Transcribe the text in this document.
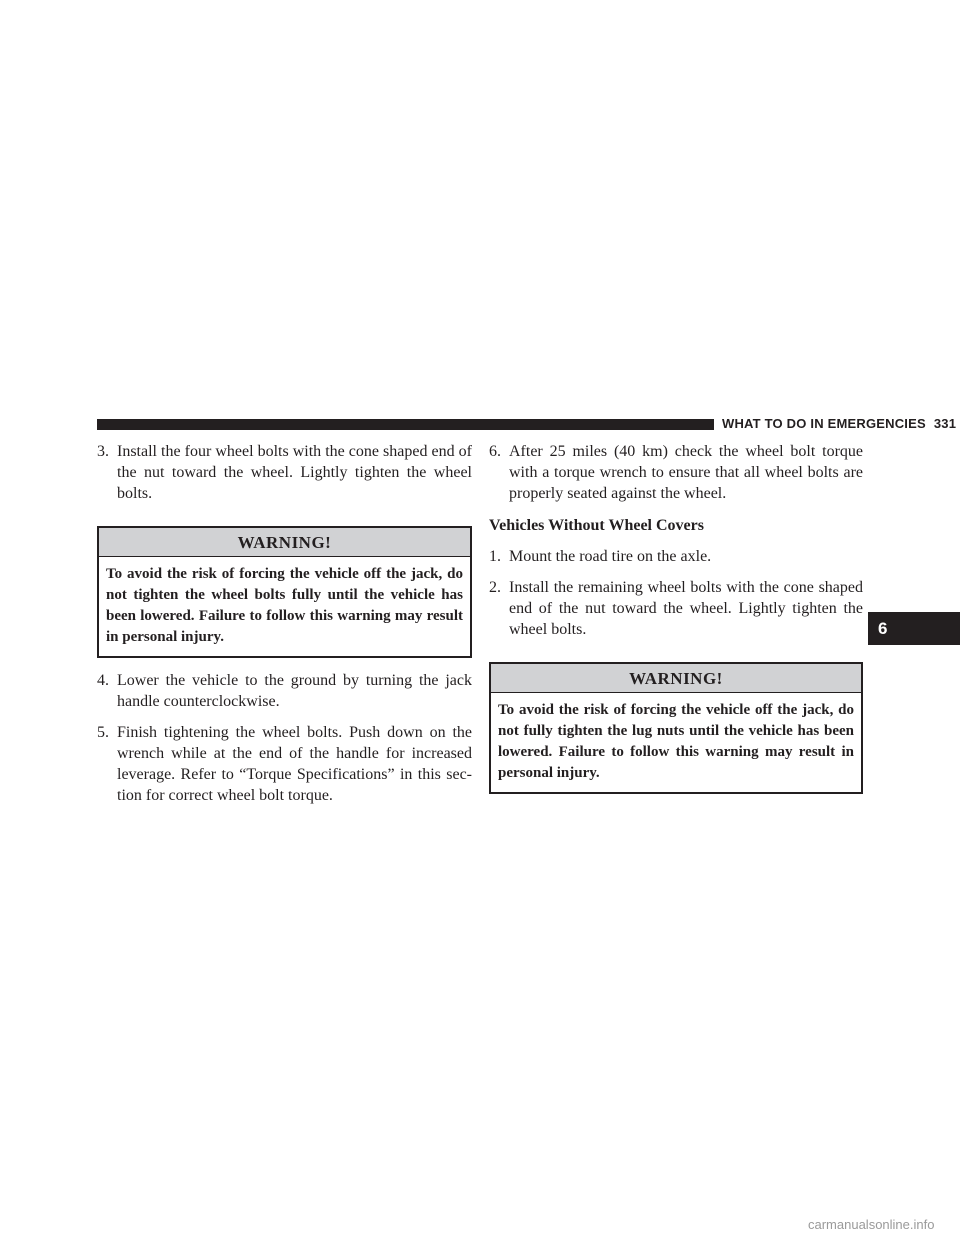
WHAT TO DO IN EMERGENCIES 331

3. Install the four wheel bolts with the cone shaped end of the nut toward the wheel. Lightly tighten the wheel bolts.

WARNING!
To avoid the risk of forcing the vehicle off the jack, do not tighten the wheel bolts fully until the vehicle has been lowered. Failure to follow this warning may result in personal injury.

4. Lower the vehicle to the ground by turning the jack handle counterclockwise.

5. Finish tightening the wheel bolts. Push down on the wrench while at the end of the handle for increased leverage. Refer to “Torque Specifications” in this sec- tion for correct wheel bolt torque.

6. After 25 miles (40 km) check the wheel bolt torque with a torque wrench to ensure that all wheel bolts are properly seated against the wheel.

Vehicles Without Wheel Covers

1. Mount the road tire on the axle.

2. Install the remaining wheel bolts with the cone shaped end of the nut toward the wheel. Lightly tighten the wheel bolts.

WARNING!
To avoid the risk of forcing the vehicle off the jack, do not fully tighten the lug nuts until the vehicle has been lowered. Failure to follow this warning may result in personal injury.
6
carmanualsonline.info
